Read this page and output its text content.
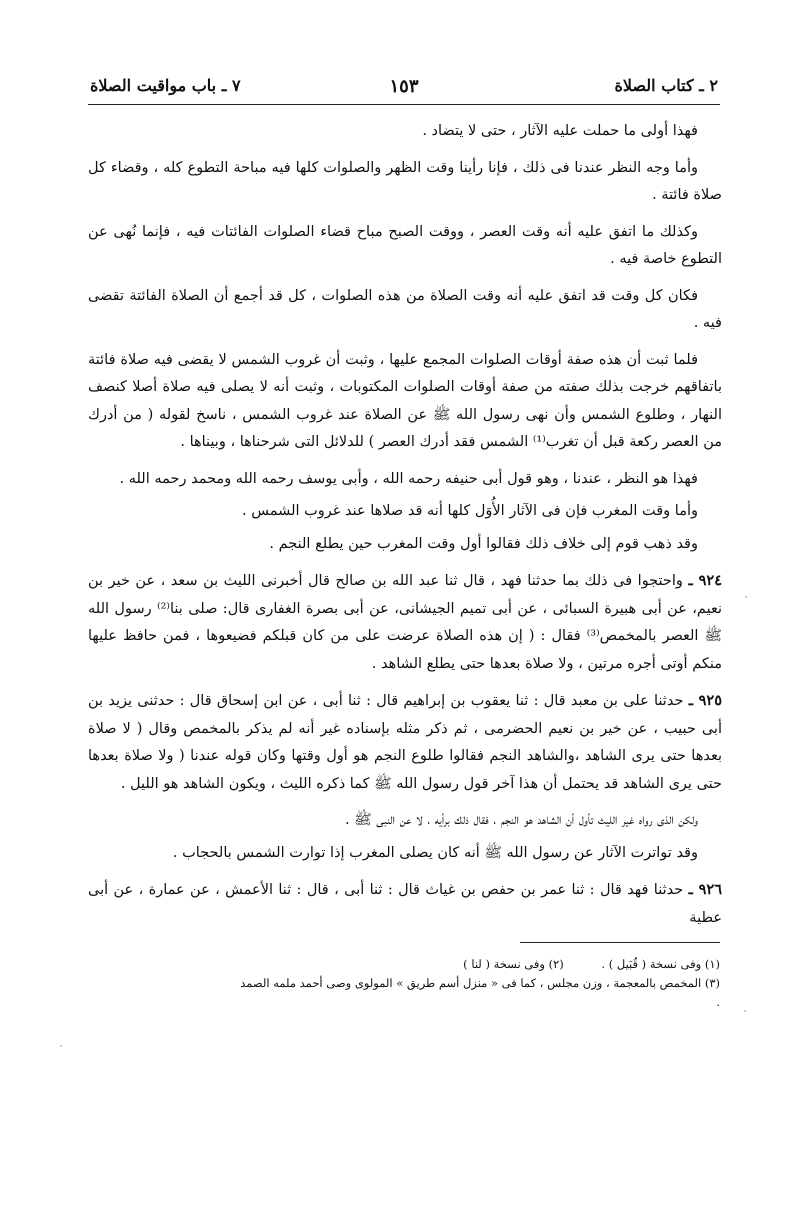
٢ ـ كتاب الصلاة
١٥٣
٧ ـ باب مواقيت الصلاة

فهذا أولى ما حملت عليه الآثار ، حتى لا يتضاد .

وأما وجه النظر عندنا فى ذلك ، فإنا رأينا وقت الظهر والصلوات كلها فيه مباحة التطوع كله ، وقضاء كل صلاة فائتة .

وكذلك ما اتفق عليه أنه وقت العصر ، ووقت الصبح مباح قضاء الصلوات الفائتات فيه ، فإنما نُهى عن التطوع خاصة فيه .

فكان كل وقت قد اتفق عليه أنه وقت الصلاة من هذه الصلوات ، كل قد أجمع أن الصلاة الفائتة تقضى فيه .

فلما ثبت أن هذه صفة أوقات الصلوات المجمع عليها ، وثبت أن غروب الشمس لا يقضى فيه صلاة فائتة باتفاقهم خرجت بذلك صفته من صفة أوقات الصلوات المكتوبات ، وثبت أنه لا يصلى فيه صلاة أصلا كنصف النهار ، وطلوع الشمس وأن نهى رسول الله ﷺ عن الصلاة عند غروب الشمس ، ناسخ لقوله ( من أدرك من العصر ركعة قبل أن تغرب⁽¹⁾ الشمس فقد أدرك العصر ) للدلائل التى شرحناها ، وبيناها .

فهذا هو النظر ، عندنا ، وهو قول أبى حنيفه رحمه الله ، وأبى يوسف رحمه الله ومحمد رحمه الله .

وأما وقت المغرب فإن فى الآثار الأُوَل كلها أنه قد صلاها عند غروب الشمس .

وقد ذهب قوم إلى خلاف ذلك فقالوا أول وقت المغرب حين يطلع النجم .

٩٢٤ ـ واحتجوا فى ذلك بما حدثنا فهد ، قال ثنا عبد الله بن صالح قال أخبرنى الليث بن سعد ، عن خير بن نعيم، عن أبى هبيرة السبائى ، عن أبى تميم الجيشانى، عن أبى بصرة الغفارى قال: صلى بنا⁽²⁾ رسول الله ﷺ العصر بالمخمص⁽³⁾ فقال : ( إن هذه الصلاة عرضت على من كان قبلكم فضيعوها ، فمن حافظ عليها منكم أوتى أجره مرتين ، ولا صلاة بعدها حتى يطلع الشاهد .

٩٢٥ ـ حدثنا على بن معبد قال : ثنا يعقوب بن إبراهيم قال : ثنا أبى ، عن ابن إسحاق قال : حدثنى يزيد بن أبى حبيب ، عن خير بن نعيم الحضرمى ، ثم ذكر مثله بإسناده غير أنه لم يذكر بالمخمص وقال ( لا صلاة بعدها حتى يرى الشاهد ،والشاهد النجم فقالوا طلوع النجم هو أول وقتها وكان قوله عندنا ( ولا صلاة بعدها حتى يرى الشاهد قد يحتمل أن هذا آخر قول رسول الله ﷺ كما ذكره الليث ، ويكون الشاهد هو الليل .

ولكن الذى رواه غير الليث تأول أن الشاهد هو النجم ، فقال ذلك برأيه ، لا عن النبى ﷺ .

وقد تواترت الآثار عن رسول الله ﷺ أنه كان يصلى المغرب إذا توارت الشمس بالحجاب .

٩٢٦ ـ حدثنا فهد قال : ثنا عمر بن حفص بن غياث قال : ثنا أبى ، قال : ثنا الأعمش ، عن عمارة ، عن أبى عطية

(١) وفى نسخة ( قُبَيل ) . (٢) وفى نسخة ( لنا )
(٣) المخمص بالمعجمة ، وزن مجلس ، كما فى « منزل أسم طريق » المولوى وصى أحمد ملمه الصمد .
